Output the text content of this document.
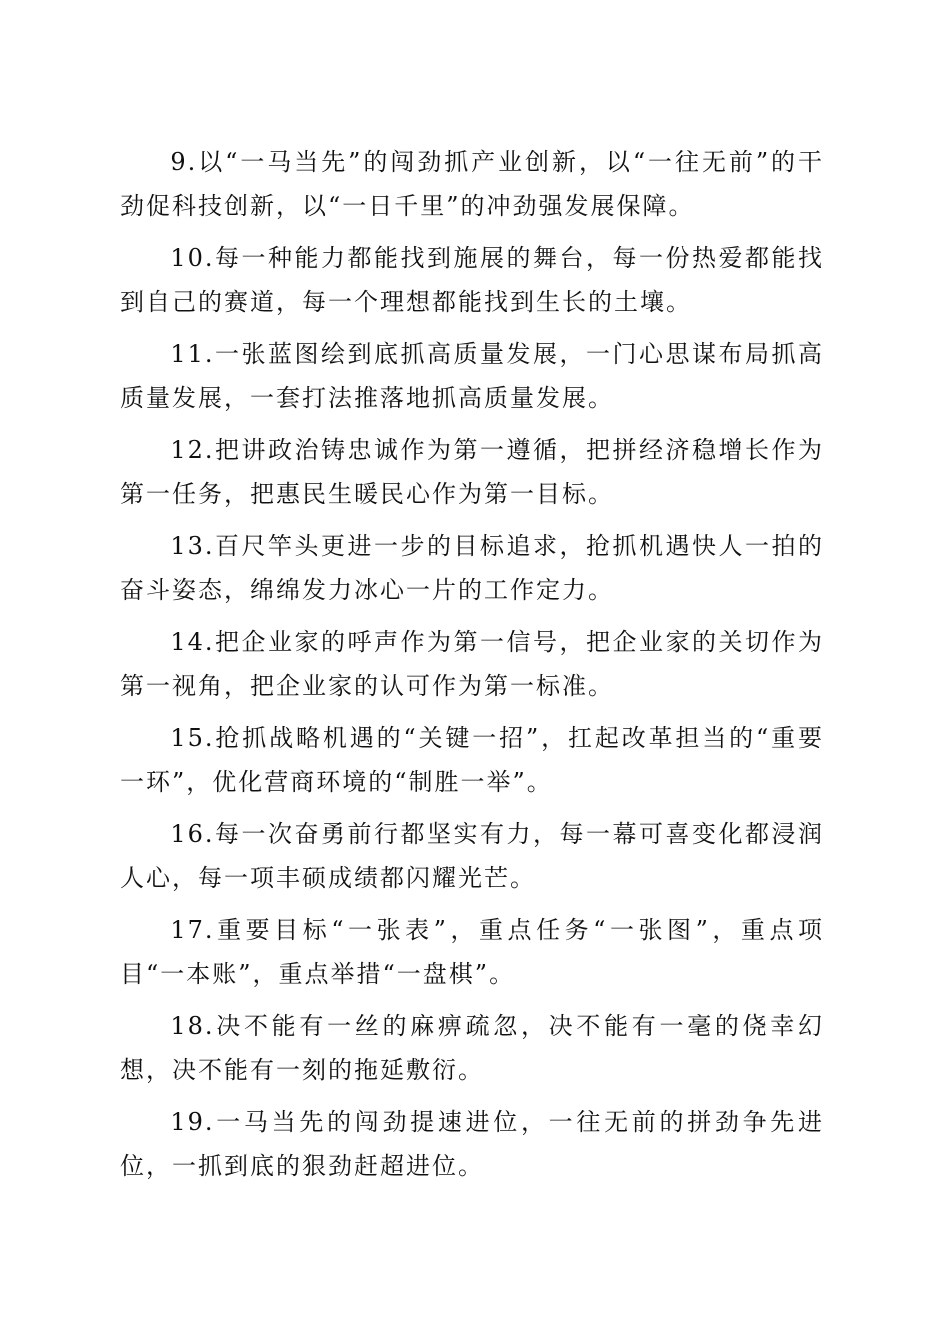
9.以“一马当先”的闯劲抓产业创新，以“一往无前”的干劲促科技创新，以“一日千里”的冲劲强发展保障。

10.每一种能力都能找到施展的舞台，每一份热爱都能找到自己的赛道，每一个理想都能找到生长的土壤。

11.一张蓝图绘到底抓高质量发展，一门心思谋布局抓高质量发展，一套打法推落地抓高质量发展。

12.把讲政治铸忠诚作为第一遵循，把拼经济稳增长作为第一任务，把惠民生暖民心作为第一目标。

13.百尺竿头更进一步的目标追求，抢抓机遇快人一拍的奋斗姿态，绵绵发力冰心一片的工作定力。

14.把企业家的呼声作为第一信号，把企业家的关切作为第一视角，把企业家的认可作为第一标准。

15.抢抓战略机遇的“关键一招”，扛起改革担当的“重要一环”，优化营商环境的“制胜一举”。

16.每一次奋勇前行都坚实有力，每一幕可喜变化都浸润人心，每一项丰硕成绩都闪耀光芒。

17.重要目标“一张表”，重点任务“一张图”，重点项目“一本账”，重点举措“一盘棋”。

18.决不能有一丝的麻痹疏忽，决不能有一毫的侥幸幻想，决不能有一刻的拖延敷衍。

19.一马当先的闯劲提速进位，一往无前的拼劲争先进位，一抓到底的狠劲赶超进位。
